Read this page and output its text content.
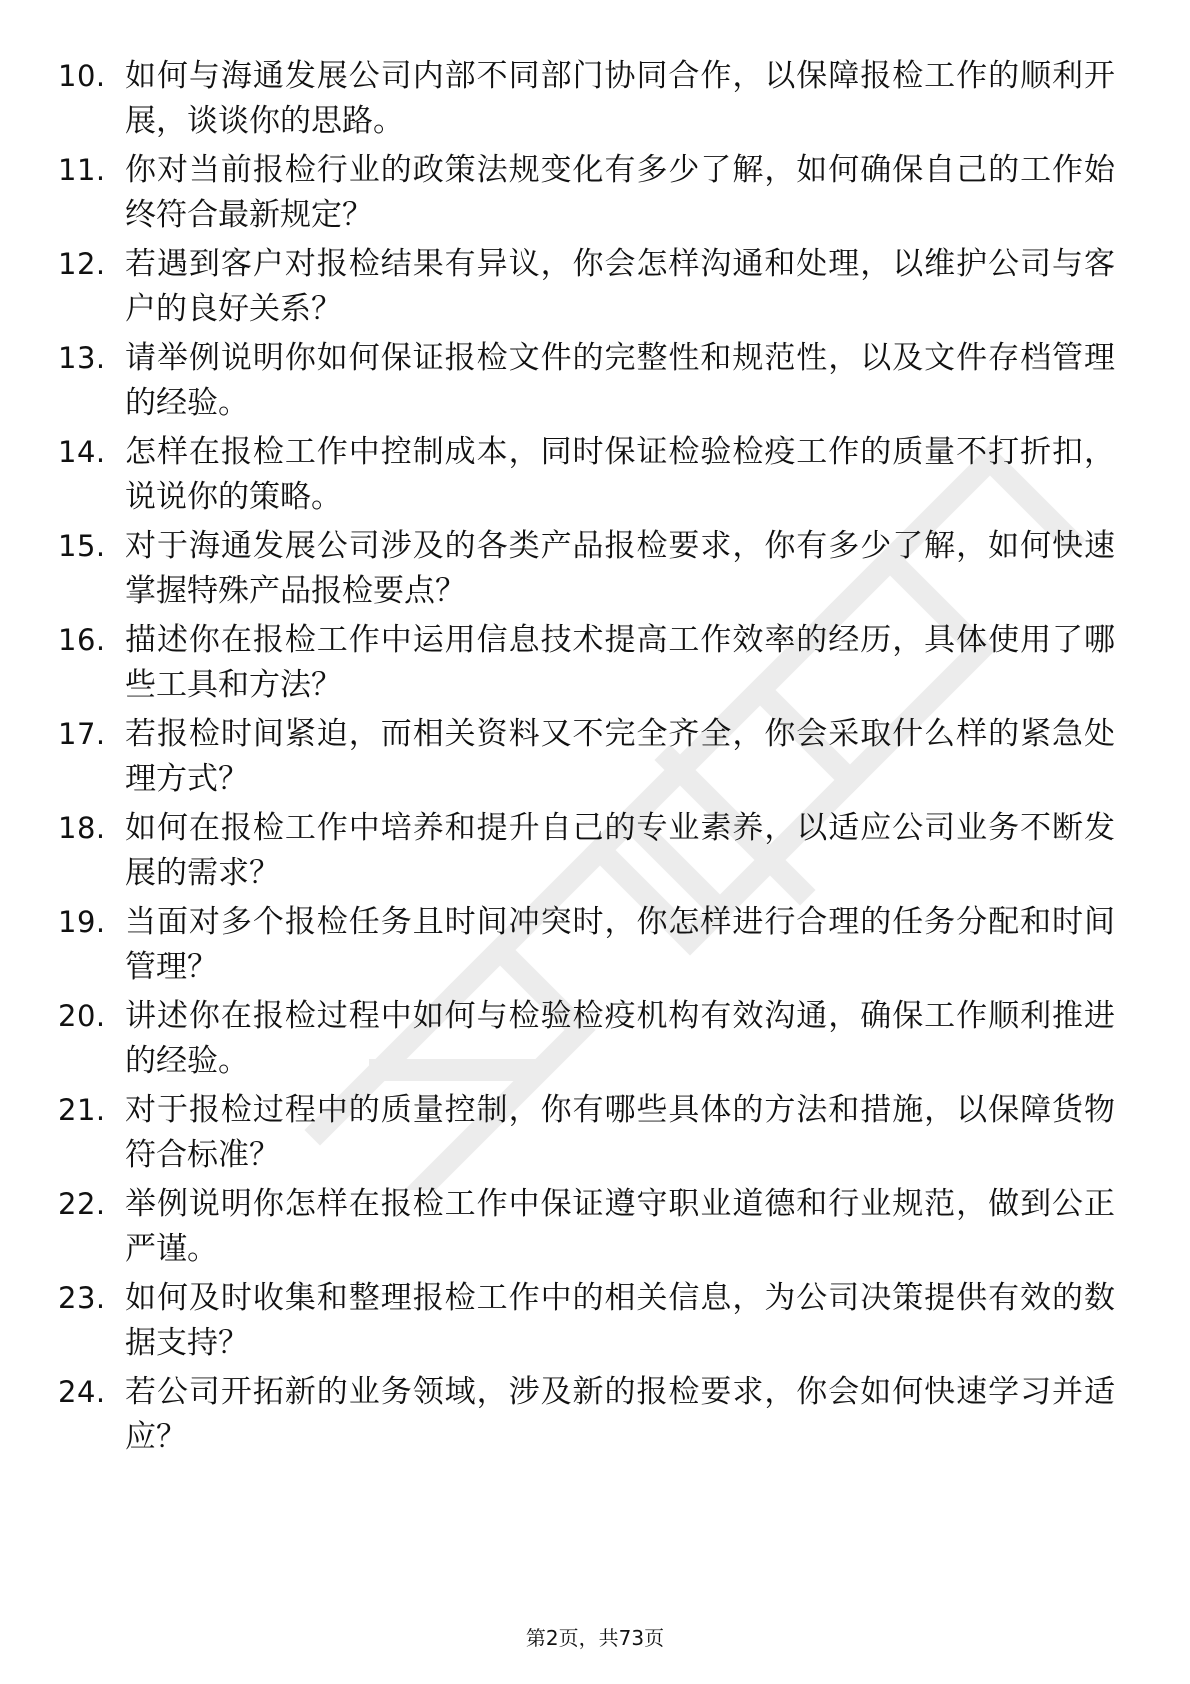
10. 如何与海通发展公司内部不同部门协同合作，以保障报检工作的顺利开展，谈谈你的思路。
11. 你对当前报检行业的政策法规变化有多少了解，如何确保自己的工作始终符合最新规定？
12. 若遇到客户对报检结果有异议，你会怎样沟通和处理，以维护公司与客户的良好关系？
13. 请举例说明你如何保证报检文件的完整性和规范性，以及文件存档管理的经验。
14. 怎样在报检工作中控制成本，同时保证检验检疫工作的质量不打折扣，说说你的策略。
15. 对于海通发展公司涉及的各类产品报检要求，你有多少了解，如何快速掌握特殊产品报检要点？
16. 描述你在报检工作中运用信息技术提高工作效率的经历，具体使用了哪些工具和方法？
17. 若报检时间紧迫，而相关资料又不完全齐全，你会采取什么样的紧急处理方式？
18. 如何在报检工作中培养和提升自己的专业素养，以适应公司业务不断发展的需求？
19. 当面对多个报检任务且时间冲突时，你怎样进行合理的任务分配和时间管理？
20. 讲述你在报检过程中如何与检验检疫机构有效沟通，确保工作顺利推进的经验。
21. 对于报检过程中的质量控制，你有哪些具体的方法和措施，以保障货物符合标准？
22. 举例说明你怎样在报检工作中保证遵守职业道德和行业规范，做到公正严谨。
23. 如何及时收集和整理报检工作中的相关信息，为公司决策提供有效的数据支持？
24. 若公司开拓新的业务领域，涉及新的报检要求，你会如何快速学习并适应？
第2页，共73页
